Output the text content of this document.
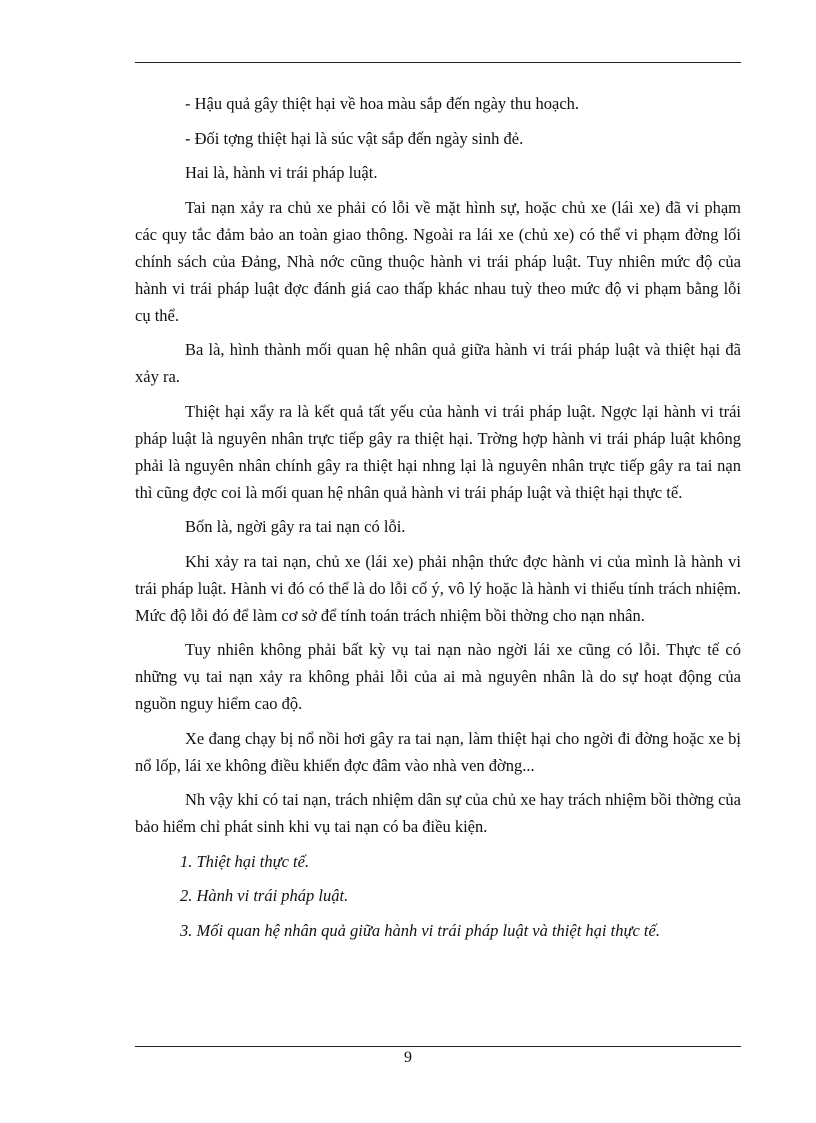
- Hậu quả gây thiệt hại về hoa màu sắp đến ngày thu hoạch.

- Đối tợng thiệt hại là súc vật sắp đến ngày sinh đẻ.

Hai là, hành vi trái pháp luật.

Tai nạn xảy ra chủ xe phải có lỗi về mặt hình sự, hoặc chủ xe (lái xe) đã vi phạm các quy tắc đảm bảo an toàn giao thông. Ngoài ra lái xe (chủ xe) có thể vi phạm đờng lối chính sách của Đảng, Nhà nớc cũng thuộc hành vi trái pháp luật. Tuy nhiên mức độ của hành vi trái pháp luật đợc đánh giá cao thấp khác nhau tuỳ theo mức độ vi phạm bằng lỗi cụ thể.

Ba là, hình thành mối quan hệ nhân quả giữa hành vi trái pháp luật và thiệt hại đã xảy ra.

Thiệt hại xẩy ra là kết quả tất yếu của hành vi trái pháp luật. Ngợc lại hành vi trái pháp luật là nguyên nhân trực tiếp gây ra thiệt hại. Trờng hợp hành vi trái pháp luật không phải là nguyên nhân chính gây ra thiệt hại nhng lại là nguyên nhân trực tiếp gây ra tai nạn thì cũng đợc coi là mối quan hệ nhân quả hành vi trái pháp luật và thiệt hại thực tế.

Bốn là, ngời gây ra tai nạn có lỗi.

Khi xảy ra tai nạn, chủ xe (lái xe) phải nhận thức đợc hành vi của mình là hành vi trái pháp luật. Hành vi đó có thể là do lỗi cố ý, vô lý hoặc là hành vi thiếu tính trách nhiệm. Mức độ lỗi đó để làm cơ sở để tính toán trách nhiệm bồi thờng cho nạn nhân.

Tuy nhiên không phải bất kỳ vụ tai nạn nào ngời lái xe cũng có lỗi. Thực tế có những vụ tai nạn xảy ra không phải lỗi của ai mà nguyên nhân là do sự hoạt động của nguồn nguy hiểm cao độ.

Xe đang chạy bị nổ nồi hơi gây ra tai nạn, làm thiệt hại cho ngời đi đờng hoặc xe bị nổ lốp, lái xe không điều khiển đợc đâm vào nhà ven đờng...

Nh vậy khi có tai nạn, trách nhiệm dân sự của chủ xe hay trách nhiệm bồi thờng của bảo hiểm chỉ phát sinh khi vụ tai nạn có ba điều kiện.

1. Thiệt hại thực tế.

2. Hành vi trái pháp luật.

3. Mối quan hệ nhân quả giữa hành vi trái pháp luật và thiệt hại thực tế.

9
